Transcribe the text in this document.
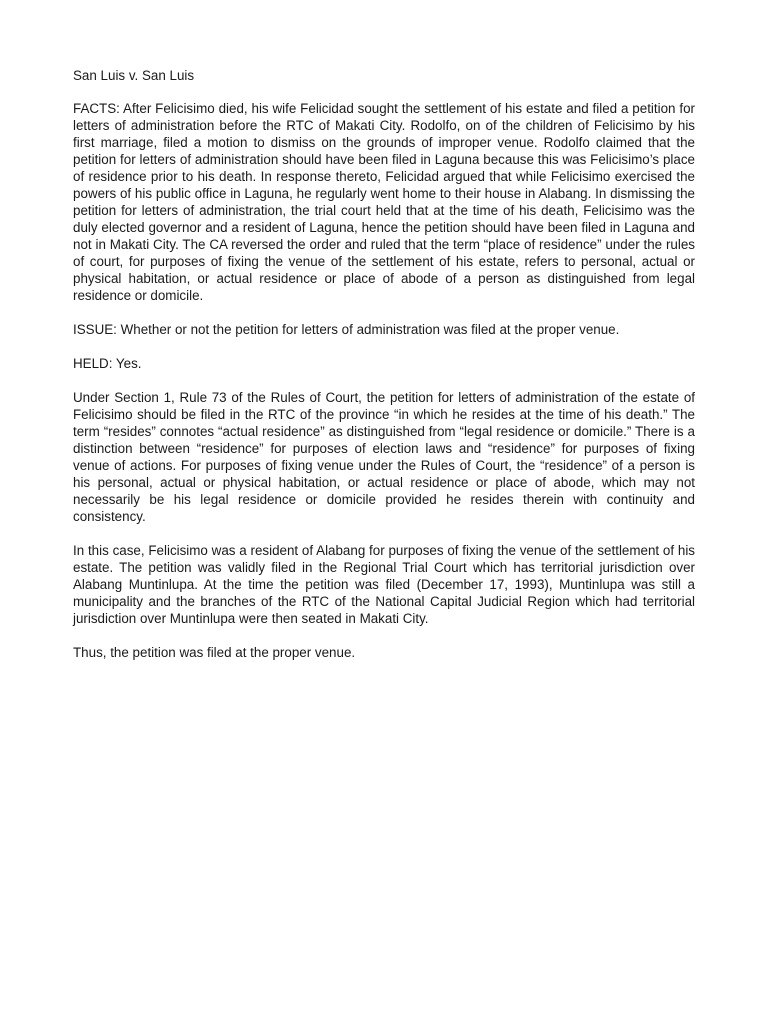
San Luis v. San Luis

FACTS: After Felicisimo died, his wife Felicidad sought the settlement of his estate and filed a petition for letters of administration before the RTC of Makati City. Rodolfo, on of the children of Felicisimo by his first marriage, filed a motion to dismiss on the grounds of improper venue. Rodolfo claimed that the petition for letters of administration should have been filed in Laguna because this was Felicisimo’s place of residence prior to his death. In response thereto, Felicidad argued that while Felicisimo exercised the powers of his public office in Laguna, he regularly went home to their house in Alabang. In dismissing the petition for letters of administration, the trial court held that at the time of his death, Felicisimo was the duly elected governor and a resident of Laguna, hence the petition should have been filed in Laguna and not in Makati City. The CA reversed the order and ruled that the term “place of residence” under the rules of court, for purposes of fixing the venue of the settlement of his estate, refers to personal, actual or physical habitation, or actual residence or place of abode of a person as distinguished from legal residence or domicile.

ISSUE: Whether or not the petition for letters of administration was filed at the proper venue.

HELD: Yes.

Under Section 1, Rule 73 of the Rules of Court, the petition for letters of administration of the estate of Felicisimo should be filed in the RTC of the province “in which he resides at the time of his death.” The term “resides” connotes “actual residence” as distinguished from “legal residence or domicile.” There is a distinction between “residence” for purposes of election laws and “residence” for purposes of fixing venue of actions. For purposes of fixing venue under the Rules of Court, the “residence” of a person is his personal, actual or physical habitation, or actual residence or place of abode, which may not necessarily be his legal residence or domicile provided he resides therein with continuity and consistency.

In this case, Felicisimo was a resident of Alabang for purposes of fixing the venue of the settlement of his estate. The petition was validly filed in the Regional Trial Court which has territorial jurisdiction over Alabang Muntinlupa. At the time the petition was filed (December 17, 1993), Muntinlupa was still a municipality and the branches of the RTC of the National Capital Judicial Region which had territorial jurisdiction over Muntinlupa were then seated in Makati City.

Thus, the petition was filed at the proper venue.
